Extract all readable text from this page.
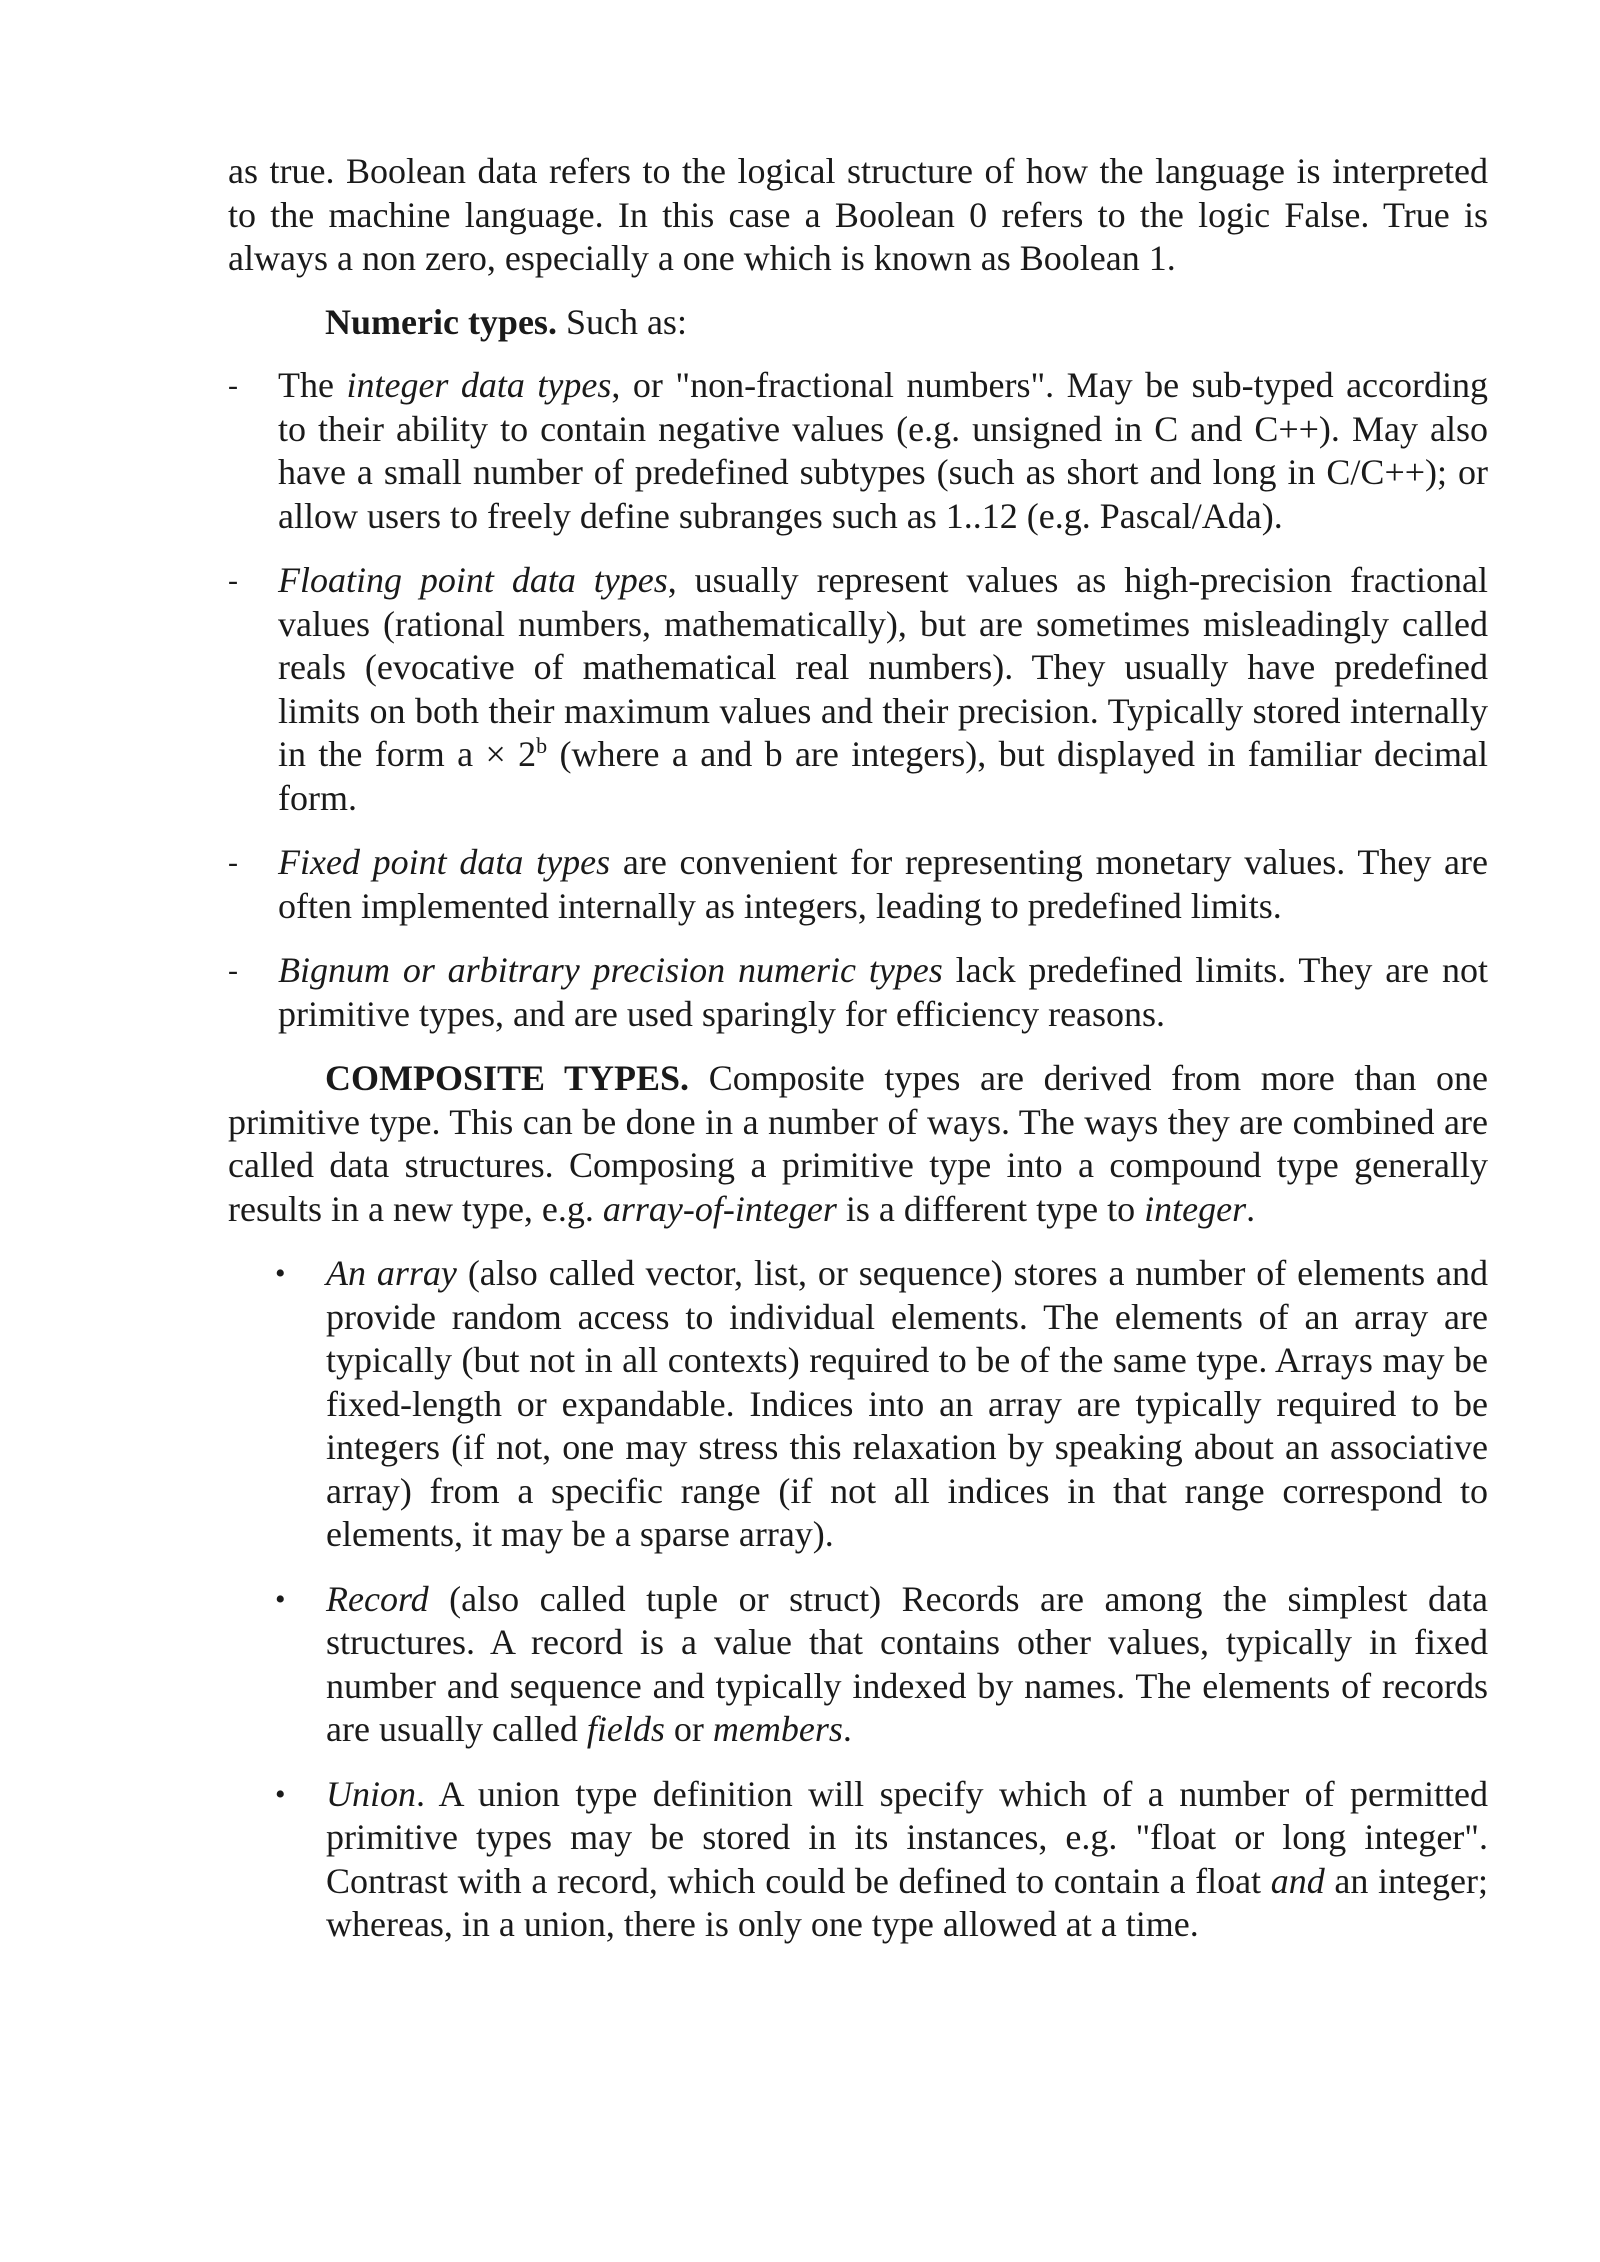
as true. Boolean data refers to the logical structure of how the language is interpreted to the machine language. In this case a Boolean 0 refers to the logic False. True is always a non zero, especially a one which is known as Boolean 1.

Numeric types. Such as:

- The integer data types, or "non-fractional numbers". May be sub-typed according to their ability to contain negative values (e.g. unsigned in C and C++). May also have a small number of predefined subtypes (such as short and long in C/C++); or allow users to freely define subranges such as 1..12 (e.g. Pascal/Ada).
- Floating point data types, usually represent values as high-precision fractional values (rational numbers, mathematically), but are sometimes misleadingly called reals (evocative of mathematical real numbers). They usually have predefined limits on both their maximum values and their precision. Typically stored internally in the form $a \times 2^b$ (where a and b are integers), but displayed in familiar decimal form.
- Fixed point data types are convenient for representing monetary values. They are often implemented internally as integers, leading to predefined limits.
- Bignum or arbitrary precision numeric types lack predefined limits. They are not primitive types, and are used sparingly for efficiency reasons.

COMPOSITE TYPES. Composite types are derived from more than one primitive type. This can be done in a number of ways. The ways they are combined are called data structures. Composing a primitive type into a compound type generally results in a new type, e.g. array-of-integer is a different type to integer.

• An array (also called vector, list, or sequence) stores a number of elements and provide random access to individual elements. The elements of an array are typically (but not in all contexts) required to be of the same type. Arrays may be fixed-length or expandable. Indices into an array are typically required to be integers (if not, one may stress this relaxation by speaking about an associative array) from a specific range (if not all indices in that range correspond to elements, it may be a sparse array).
• Record (also called tuple or struct) Records are among the simplest data structures. A record is a value that contains other values, typically in fixed number and sequence and typically indexed by names. The elements of records are usually called fields or members.
• Union. A union type definition will specify which of a number of permitted primitive types may be stored in its instances, e.g. "float or long integer". Contrast with a record, which could be defined to contain a float and an integer; whereas, in a union, there is only one type allowed at a time.
